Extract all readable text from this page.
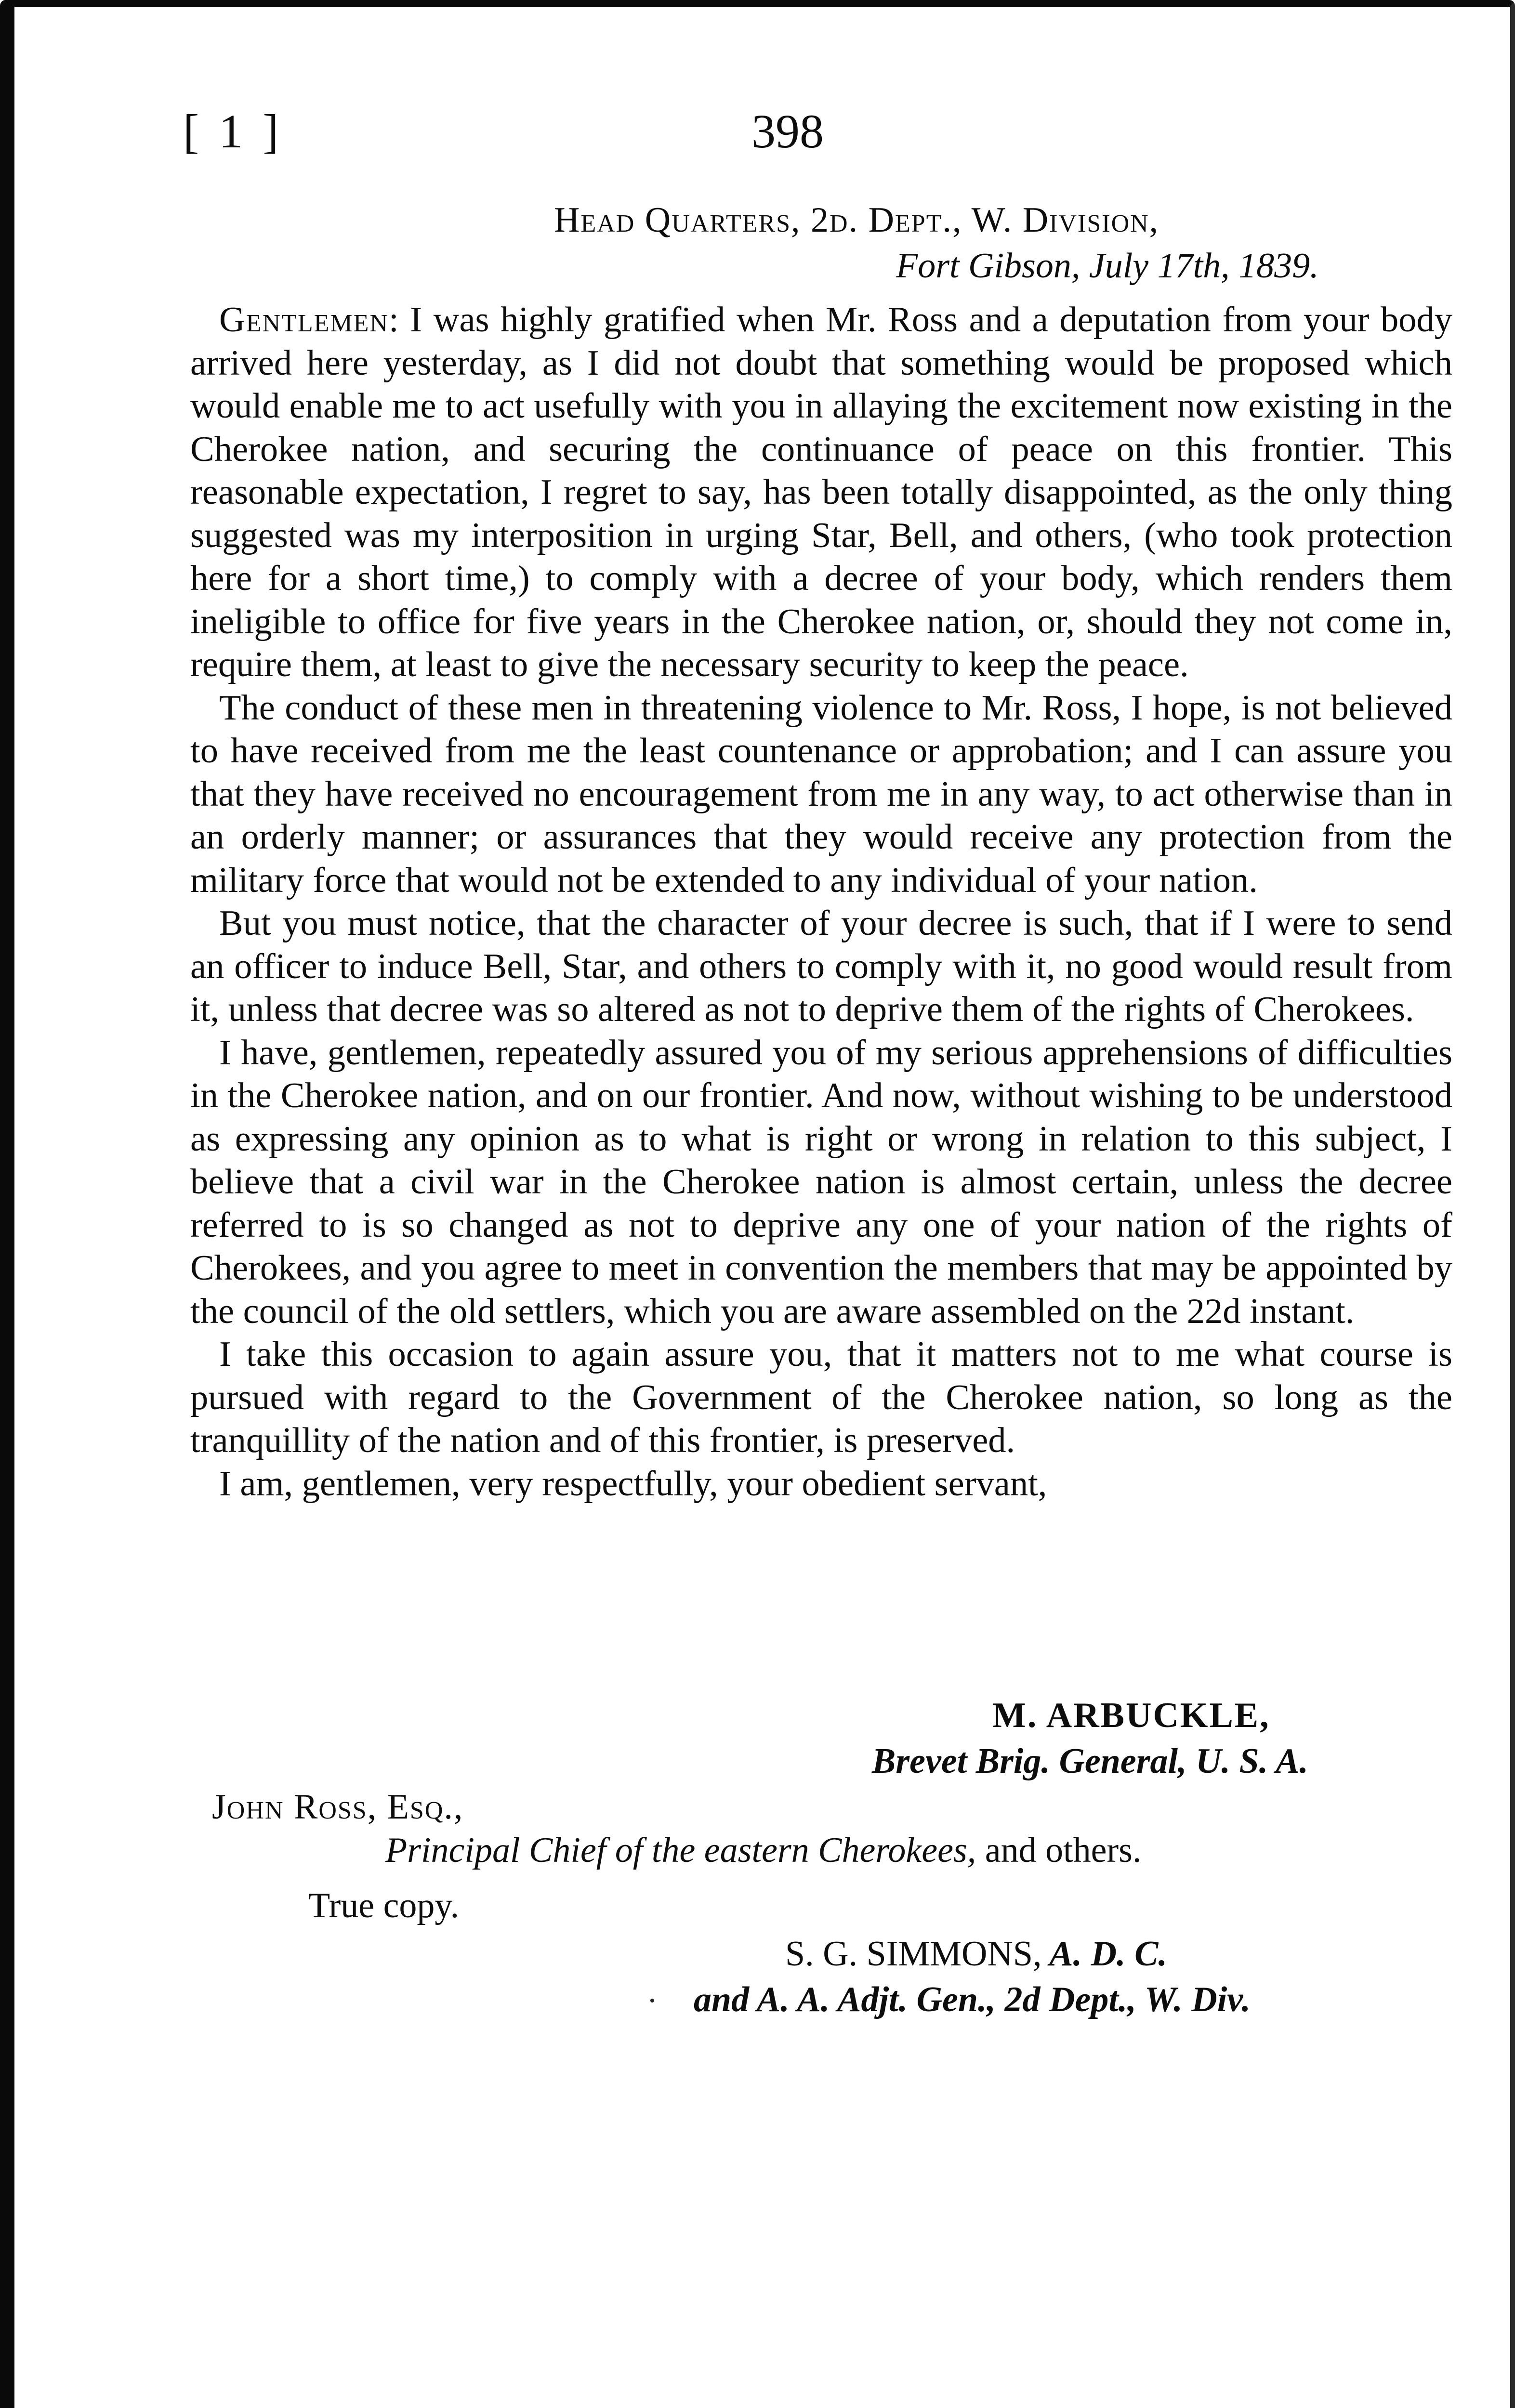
[ 1 ]	398
Head Quarters, 2d. Dept., W. Division,
Fort Gibson, July 17th, 1839.

Gentlemen: I was highly gratified when Mr. Ross and a deputation from your body arrived here yesterday, as I did not doubt that something would be proposed which would enable me to act usefully with you in allaying the excitement now existing in the Cherokee nation, and securing the continuance of peace on this frontier. This reasonable expectation, I regret to say, has been totally disappointed, as the only thing suggested was my interposition in urging Star, Bell, and others, (who took protection here for a short time,) to comply with a decree of your body, which renders them ineligible to office for five years in the Cherokee nation, or, should they not come in, require them, at least to give the necessary security to keep the peace.

The conduct of these men in threatening violence to Mr. Ross, I hope, is not believed to have received from me the least countenance or approbation; and I can assure you that they have received no encouragement from me in any way, to act otherwise than in an orderly manner; or assurances that they would receive any protection from the military force that would not be extended to any individual of your nation.

But you must notice, that the character of your decree is such, that if I were to send an officer to induce Bell, Star, and others to comply with it, no good would result from it, unless that decree was so altered as not to deprive them of the rights of Cherokees.

I have, gentlemen, repeatedly assured you of my serious apprehensions of difficulties in the Cherokee nation, and on our frontier. And now, without wishing to be understood as expressing any opinion as to what is right or wrong in relation to this subject, I believe that a civil war in the Cherokee nation is almost certain, unless the decree referred to is so changed as not to deprive any one of your nation of the rights of Cherokees, and you agree to meet in convention the members that may be appointed by the council of the old settlers, which you are aware assembled on the 22d instant.

I take this occasion to again assure you, that it matters not to me what course is pursued with regard to the Government of the Cherokee nation, so long as the tranquillity of the nation and of this frontier, is preserved.

I am, gentlemen, very respectfully, your obedient servant,

M. ARBUCKLE,
Brevet Brig. General, U. S. A.
John Ross, Esq.,
Principal Chief of the eastern Cherokees, and others.
True copy.
S. G. SIMMONS, A. D. C.
and A. A. Adjt. Gen., 2d Dept., W. Div.
